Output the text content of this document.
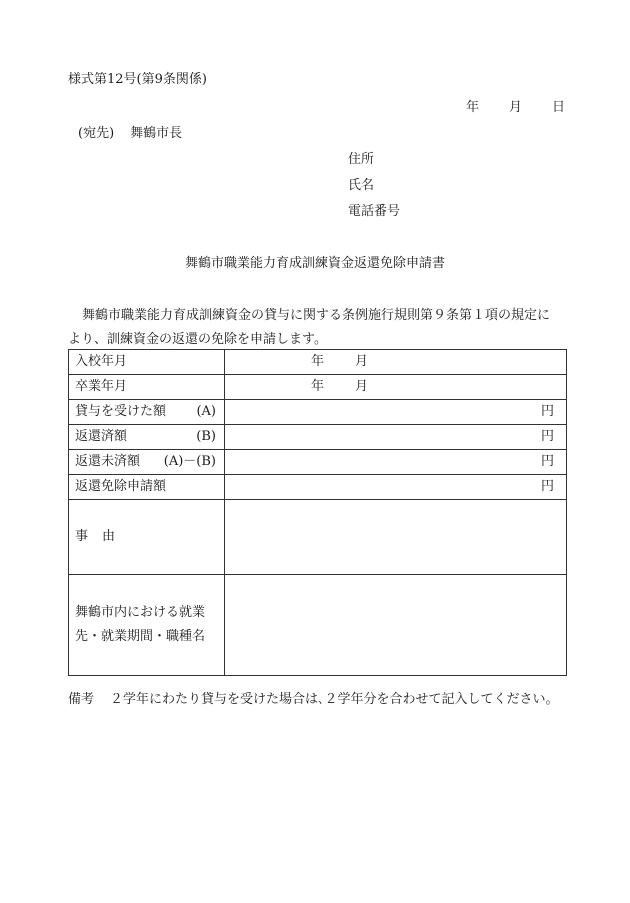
様式第12号(第9条関係)
年 月 日
(宛先) 舞鶴市長
住所
氏名
電話番号
舞鶴市職業能力育成訓練資金返還免除申請書
舞鶴市職業能力育成訓練資金の貸与に関する条例施行規則第９条第１項の規定に
より、訓練資金の返還の免除を申請します。
入校年月	年 月

卒業年月	年 月

貸与を受けた額 (A)	円

返還済額 (B)	円

返還未済額 (A)－(B)	円

返還免除申請額	円

事 由	
舞鶴市内における就業先・就業期間・職種名	
備考 ２学年にわたり貸与を受けた場合は､２学年分を合わせて記入してください。
